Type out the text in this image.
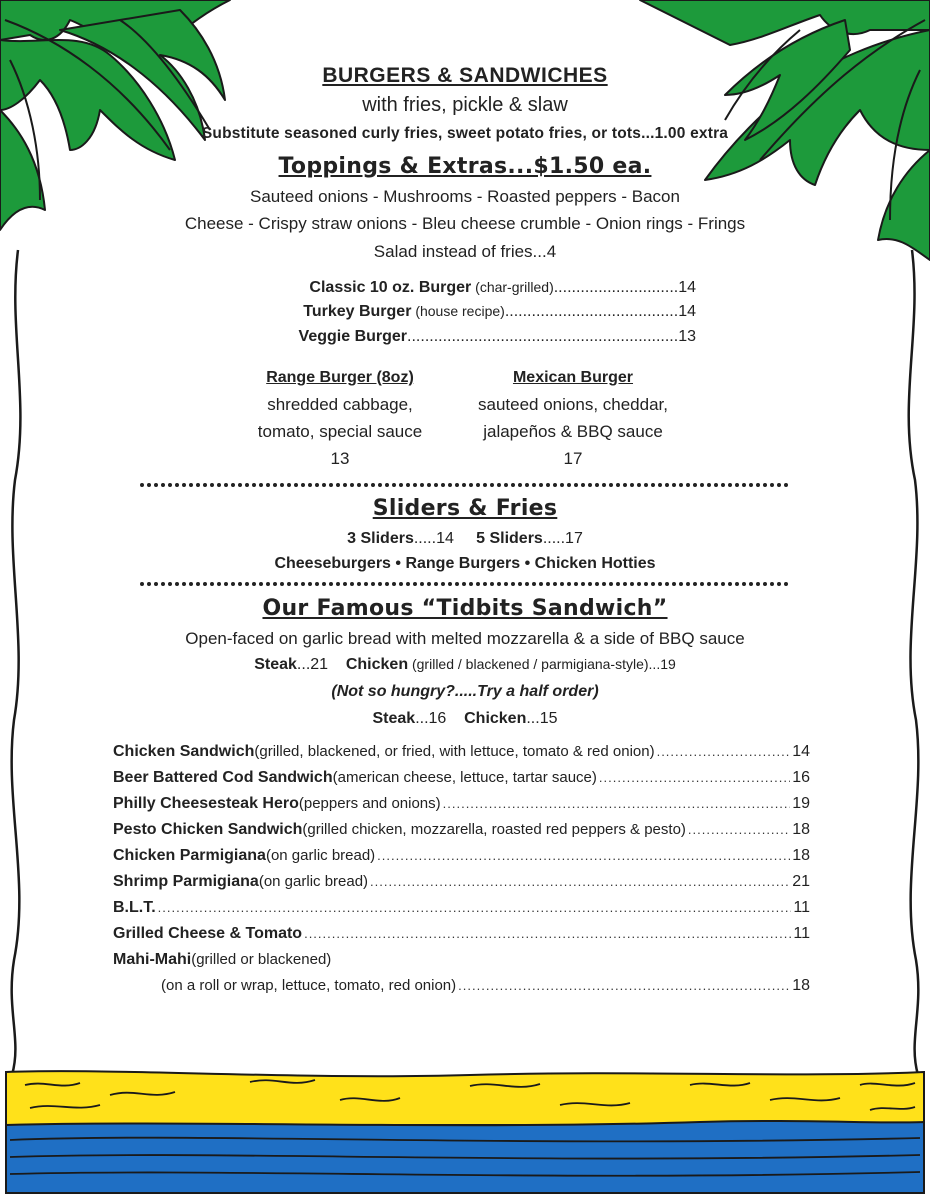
BURGERS & SANDWICHES
with fries, pickle & slaw
Substitute seasoned curly fries, sweet potato fries, or tots...1.00 extra
Toppings & Extras...$1.50 ea.
Sauteed onions - Mushrooms - Roasted peppers - Bacon
Cheese - Crispy straw onions - Bleu cheese crumble - Onion rings - Frings
Salad instead of fries...4
Classic 10 oz. Burger (char-grilled)............................14
Turkey Burger (house recipe).......................................14
Veggie Burger.............................................................13
Range Burger (8oz)
shredded cabbage,
tomato, special sauce
13
Mexican Burger
sauteed onions, cheddar,
jalapeños & BBQ sauce
17
Sliders & Fries
3 Sliders.....14 5 Sliders.....17
Cheeseburgers • Range Burgers • Chicken Hotties
Our Famous “Tidbits Sandwich”
Open-faced on garlic bread with melted mozzarella & a side of BBQ sauce
Steak...21 Chicken (grilled / blackened / parmigiana-style)...19
(Not so hungry?.....Try a half order)
Steak...16 Chicken...15
Chicken Sandwich (grilled, blackened, or fried, with lettuce, tomato & red onion) .....	14
Beer Battered Cod Sandwich (american cheese, lettuce, tartar sauce) .....	16
Philly Cheesesteak Hero (peppers and onions) .....	19
Pesto Chicken Sandwich (grilled chicken, mozzarella, roasted red peppers & pesto) .....	18
Chicken Parmigiana (on garlic bread) .....	18
Shrimp Parmigiana (on garlic bread) .....	21
B.L.T. .....	11
Grilled Cheese & Tomato .....	11
Mahi-Mahi (grilled or blackened)
(on a roll or wrap, lettuce, tomato, red onion) .....	18
